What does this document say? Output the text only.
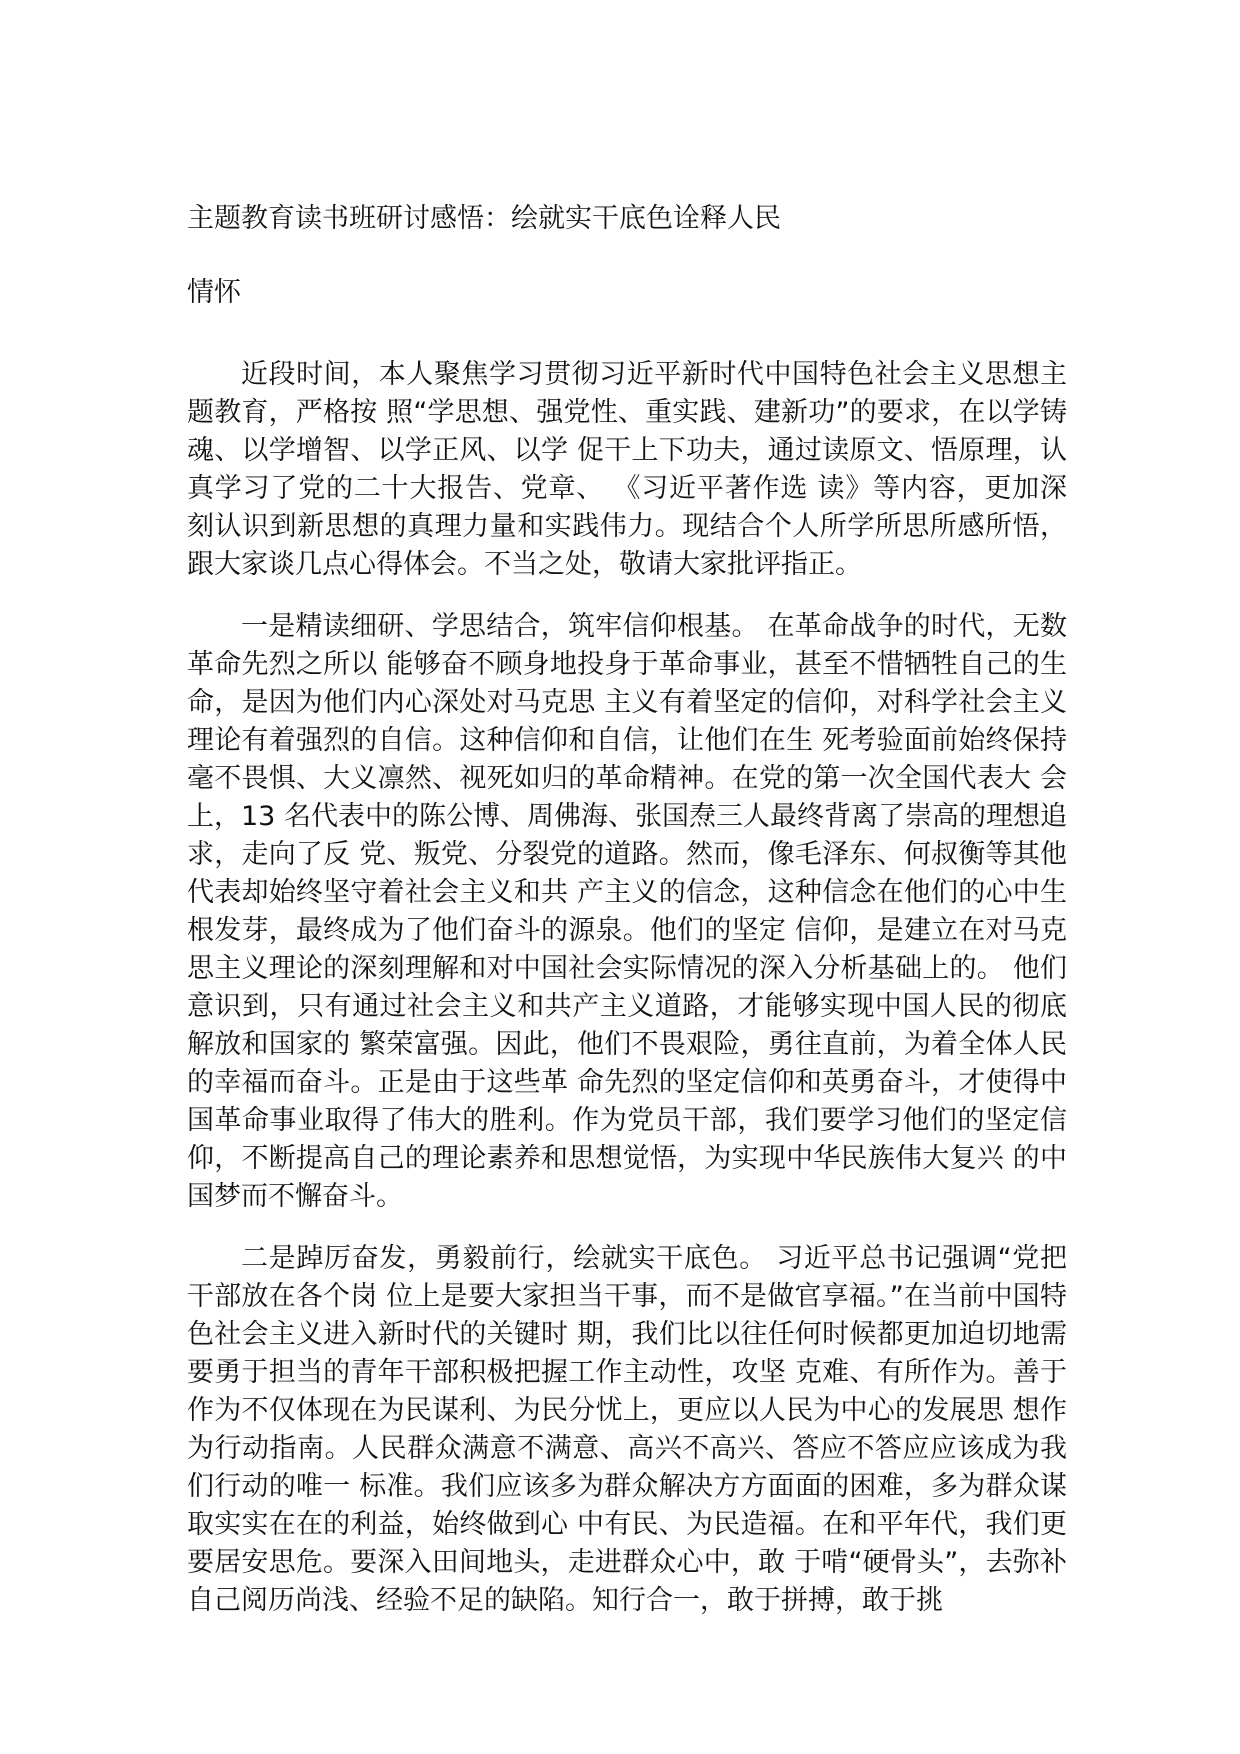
主题教育读书班研讨感悟：绘就实干底色诠释人民
情怀

近段时间，本人聚焦学习贯彻习近平新时代中国特色社会主义思想主题教育，严格按 照“学思想、强党性、重实践、建新功”的要求，在以学铸魂、以学增智、以学正风、以学 促干上下功夫，通过读原文、悟原理，认真学习了党的二十大报告、党章、 《习近平著作选 读》等内容，更加深刻认识到新思想的真理力量和实践伟力。现结合个人所学所思所感所悟， 跟大家谈几点心得体会。不当之处，敬请大家批评指正。

一是精读细研、学思结合，筑牢信仰根基。 在革命战争的时代，无数革命先烈之所以 能够奋不顾身地投身于革命事业，甚至不惜牺牲自己的生命，是因为他们内心深处对马克思 主义有着坚定的信仰，对科学社会主义理论有着强烈的自信。这种信仰和自信，让他们在生 死考验面前始终保持毫不畏惧、大义凛然、视死如归的革命精神。在党的第一次全国代表大 会上，13 名代表中的陈公博、周佛海、张国焘三人最终背离了崇高的理想追求，走向了反 党、叛党、分裂党的道路。然而，像毛泽东、何叔衡等其他代表却始终坚守着社会主义和共 产主义的信念，这种信念在他们的心中生根发芽，最终成为了他们奋斗的源泉。他们的坚定 信仰，是建立在对马克思主义理论的深刻理解和对中国社会实际情况的深入分析基础上的。 他们意识到，只有通过社会主义和共产主义道路，才能够实现中国人民的彻底解放和国家的 繁荣富强。因此，他们不畏艰险，勇往直前，为着全体人民的幸福而奋斗。正是由于这些革 命先烈的坚定信仰和英勇奋斗，才使得中国革命事业取得了伟大的胜利。作为党员干部，我们要学习他们的坚定信仰，不断提高自己的理论素养和思想觉悟，为实现中华民族伟大复兴 的中国梦而不懈奋斗。

二是踔厉奋发，勇毅前行，绘就实干底色。 习近平总书记强调“党把干部放在各个岗 位上是要大家担当干事，而不是做官享福。”在当前中国特色社会主义进入新时代的关键时 期，我们比以往任何时候都更加迫切地需要勇于担当的青年干部积极把握工作主动性，攻坚 克难、有所作为。善于作为不仅体现在为民谋利、为民分忧上，更应以人民为中心的发展思 想作为行动指南。人民群众满意不满意、高兴不高兴、答应不答应应该成为我们行动的唯一 标准。我们应该多为群众解决方方面面的困难，多为群众谋取实实在在的利益，始终做到心 中有民、为民造福。在和平年代，我们更要居安思危。要深入田间地头，走进群众心中，敢 于啃“硬骨头”，去弥补自己阅历尚浅、经验不足的缺陷。知行合一，敢于拼搏，敢于挑
